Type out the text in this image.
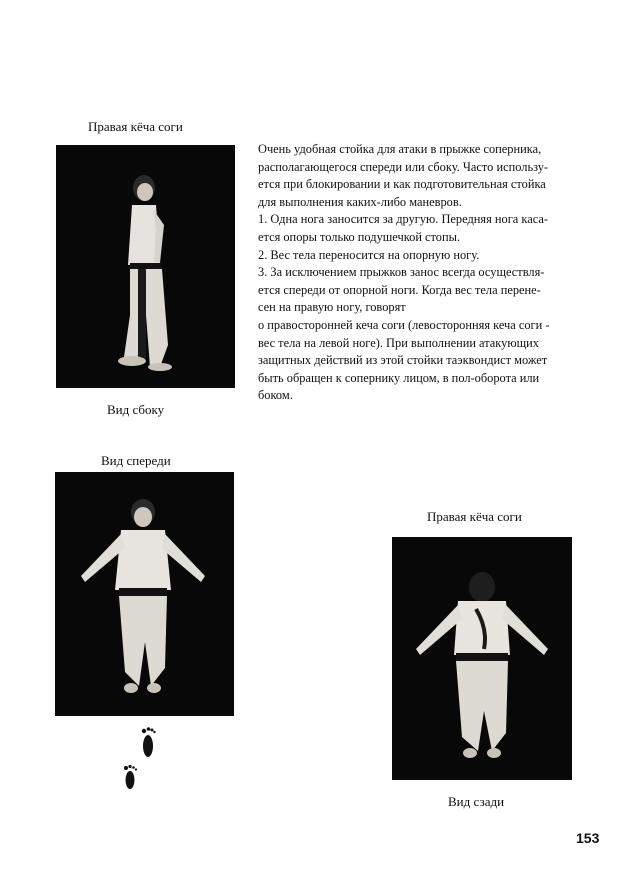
Правая кёча соги
Вид сбоку
Вид спереди
Правая кёча соги
Вид сзади

Очень удобная стойка для атаки в прыжке соперника,

располагающегося спереди или сбоку. Часто использу-

ется при блокировании и как подготовительная стойка

для выполнения каких-либо маневров.

1. Одна нога заносится за другую. Передняя нога каса-

ется опоры только подушечкой стопы.

2. Вес тела переносится на опорную ногу.

3. За исключением прыжков занос всегда осуществля-

ется спереди от опорной ноги. Когда вес тела перене-

сен на правую ногу, говорят

о правосторонней кеча соги (левосторонняя кеча соги -

вес тела на левой ноге). При выполнении атакующих

защитных действий из этой стойки таэквондист может

быть обращен к сопернику лицом, в пол-оборота или

боком.

153
